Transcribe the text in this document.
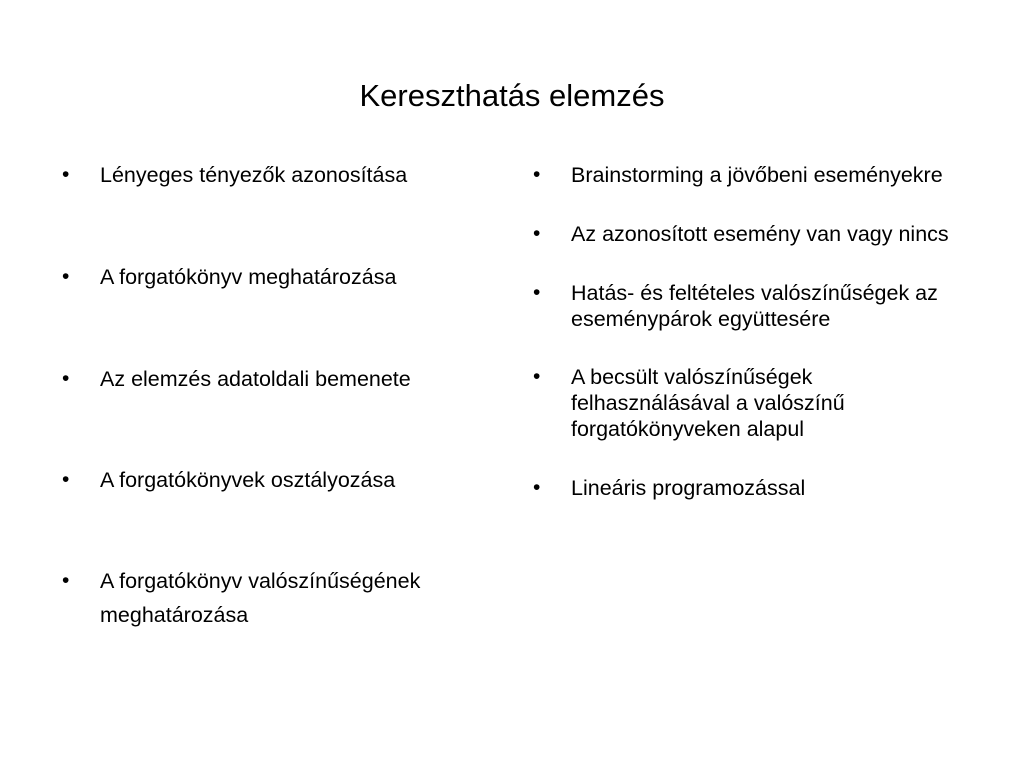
Kereszthatás elemzés
• Lényeges tényezők azonosítása
• A forgatókönyv meghatározása
• Az elemzés adatoldali bemenete
• A forgatókönyvek osztályozása
• A forgatókönyv valószínűségének meghatározása
• Brainstorming a jövőbeni eseményekre
• Az azonosított esemény van vagy nincs
• Hatás- és feltételes valószínűségek az eseménypárok együttesére
• A becsült valószínűségek felhasználásával a valószínű forgatókönyveken alapul
• Lineáris programozással
